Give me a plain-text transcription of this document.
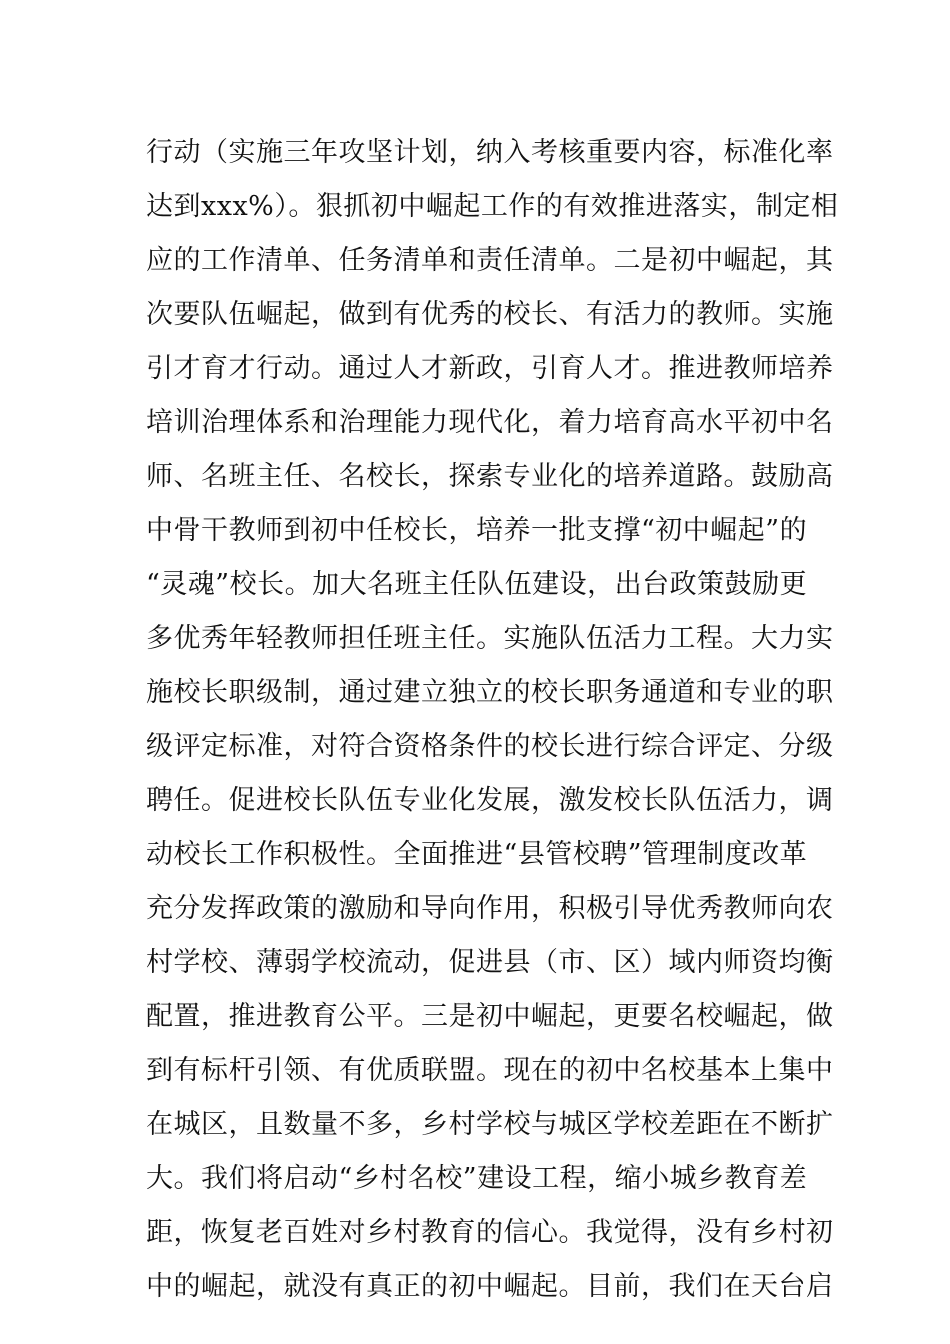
行动（实施三年攻坚计划，纳入考核重要内容，标准化率
达到xxx%）。狠抓初中崛起工作的有效推进落实，制定相
应的工作清单、任务清单和责任清单。二是初中崛起，其
次要队伍崛起，做到有优秀的校长、有活力的教师。实施
引才育才行动。通过人才新政，引育人才。推进教师培养
培训治理体系和治理能力现代化，着力培育高水平初中名
师、名班主任、名校长，探索专业化的培养道路。鼓励高
中骨干教师到初中任校长，培养一批支撑“初中崛起”的
“灵魂”校长。加大名班主任队伍建设，出台政策鼓励更
多优秀年轻教师担任班主任。实施队伍活力工程。大力实
施校长职级制，通过建立独立的校长职务通道和专业的职
级评定标准，对符合资格条件的校长进行综合评定、分级
聘任。促进校长队伍专业化发展，激发校长队伍活力，调
动校长工作积极性。全面推进“县管校聘”管理制度改革
充分发挥政策的激励和导向作用，积极引导优秀教师向农
村学校、薄弱学校流动，促进县（市、区）域内师资均衡
配置，推进教育公平。三是初中崛起，更要名校崛起，做
到有标杆引领、有优质联盟。现在的初中名校基本上集中
在城区，且数量不多，乡村学校与城区学校差距在不断扩
大。我们将启动“乡村名校”建设工程，缩小城乡教育差
距，恢复老百姓对乡村教育的信心。我觉得，没有乡村初
中的崛起，就没有真正的初中崛起。目前，我们在天台启
